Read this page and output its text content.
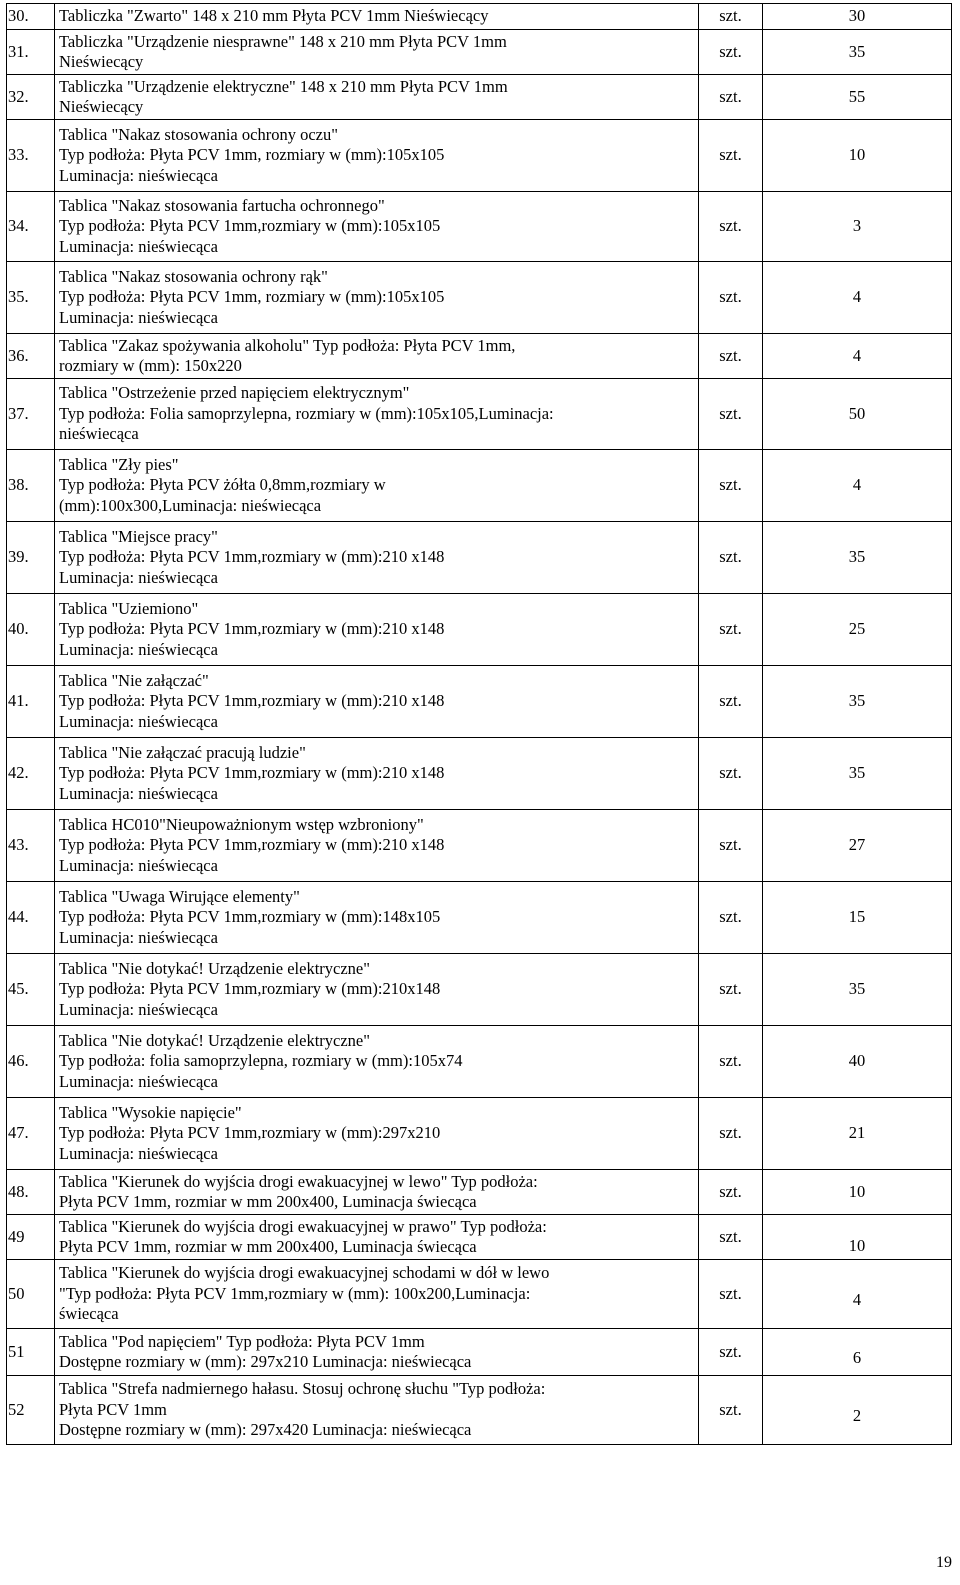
30.	Tabliczka "Zwarto" 148 x 210 mm Płyta PCV 1mm Nieświecący	szt.	30
31.	Tabliczka "Urządzenie niesprawne" 148 x 210 mm Płyta PCV 1mm
Nieświecący	szt.	35
32.	Tabliczka "Urządzenie elektryczne" 148 x 210 mm Płyta PCV 1mm
Nieświecący	szt.	55
33.	Tablica "Nakaz stosowania ochrony oczu"
Typ podłoża: Płyta PCV 1mm, rozmiary w (mm):105x105
Luminacja: nieświecąca	szt.	10
34.	Tablica "Nakaz stosowania fartucha ochronnego"
Typ podłoża: Płyta PCV 1mm,rozmiary w (mm):105x105
Luminacja: nieświecąca	szt.	3
35.	Tablica "Nakaz stosowania ochrony rąk"
Typ podłoża: Płyta PCV 1mm, rozmiary w (mm):105x105
Luminacja: nieświecąca	szt.	4
36.	Tablica "Zakaz spożywania alkoholu" Typ podłoża: Płyta PCV 1mm,
rozmiary w (mm): 150x220	szt.	4
37.	Tablica "Ostrzeżenie przed napięciem elektrycznym"
Typ podłoża: Folia samoprzylepna, rozmiary w (mm):105x105,Luminacja:
nieświecąca	szt.	50
38.	Tablica "Zły pies"
Typ podłoża: Płyta PCV żółta 0,8mm,rozmiary w
(mm):100x300,Luminacja: nieświecąca	szt.	4
39.	Tablica "Miejsce pracy"
Typ podłoża: Płyta PCV 1mm,rozmiary w (mm):210 x148
Luminacja: nieświecąca	szt.	35
40.	Tablica "Uziemiono"
Typ podłoża: Płyta PCV 1mm,rozmiary w (mm):210 x148
Luminacja: nieświecąca	szt.	25
41.	Tablica "Nie załączać"
Typ podłoża: Płyta PCV 1mm,rozmiary w (mm):210 x148
Luminacja: nieświecąca	szt.	35
42.	Tablica "Nie załączać pracują ludzie"
Typ podłoża: Płyta PCV 1mm,rozmiary w (mm):210 x148
Luminacja: nieświecąca	szt.	35
43.	Tablica HC010"Nieupoważnionym wstęp wzbroniony"
Typ podłoża: Płyta PCV 1mm,rozmiary w (mm):210 x148
Luminacja: nieświecąca	szt.	27
44.	Tablica "Uwaga Wirujące elementy"
Typ podłoża: Płyta PCV 1mm,rozmiary w (mm):148x105
Luminacja: nieświecąca	szt.	15
45.	Tablica "Nie dotykać! Urządzenie elektryczne"
Typ podłoża: Płyta PCV 1mm,rozmiary w (mm):210x148
Luminacja: nieświecąca	szt.	35
46.	Tablica "Nie dotykać! Urządzenie elektryczne"
Typ podłoża: folia samoprzylepna, rozmiary w (mm):105x74
Luminacja: nieświecąca	szt.	40
47.	Tablica "Wysokie napięcie"
Typ podłoża: Płyta PCV 1mm,rozmiary w (mm):297x210
Luminacja: nieświecąca	szt.	21
48.	Tablica "Kierunek do wyjścia drogi ewakuacyjnej w lewo" Typ podłoża:
Płyta PCV 1mm, rozmiar w mm 200x400, Luminacja świecąca	szt.	10
49	Tablica "Kierunek do wyjścia drogi ewakuacyjnej w prawo" Typ podłoża:
Płyta PCV 1mm, rozmiar w mm 200x400, Luminacja świecąca	szt.	10
50	Tablica "Kierunek do wyjścia drogi ewakuacyjnej schodami w dół w lewo
"Typ podłoża: Płyta PCV 1mm,rozmiary w (mm): 100x200,Luminacja:
świecąca	szt.	4
51	Tablica "Pod napięciem" Typ podłoża: Płyta PCV 1mm
Dostępne rozmiary w (mm): 297x210 Luminacja: nieświecąca	szt.	6
52	Tablica "Strefa nadmiernego hałasu. Stosuj ochronę słuchu "Typ podłoża:
Płyta PCV 1mm
Dostępne rozmiary w (mm): 297x420 Luminacja: nieświecąca	szt.	2
19
